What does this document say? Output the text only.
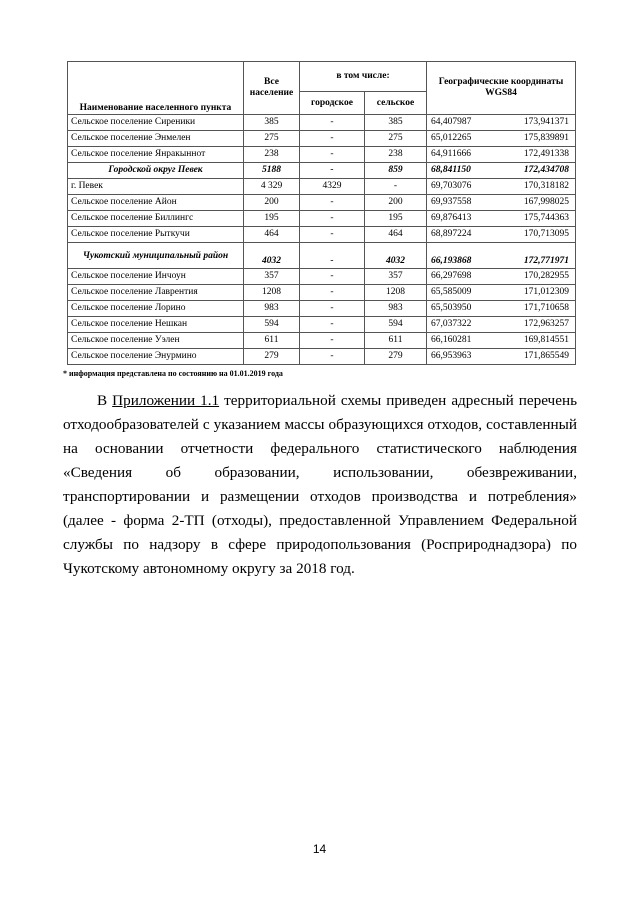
Наименование населенного пункта	Все население	в том числе:		Географические координаты WGS84	
		городское	сельское		
Сельское поселение Сиреники	385	-	385	64,407987	173,941371
Сельское поселение Энмелен	275	-	275	65,012265	175,839891
Сельское поселение Янракыннот	238	-	238	64,911666	172,491338
Городской округ Певек	5188	-	859	68,841150	172,434708
г. Певек	4 329	4329	-	69,703076	170,318182
Сельское поселение Айон	200	-	200	69,937558	167,998025
Сельское поселение Биллингс	195	-	195	69,876413	175,744363
Сельское поселение Рыткучи	464	-	464	68,897224	170,713095
Чукотский муниципальный район	4032	-	4032	66,193868	172,771971
Сельское поселение Инчоун	357	-	357	66,297698	170,282955
Сельское поселение Лаврентия	1208	-	1208	65,585009	171,012309
Сельское поселение Лорино	983	-	983	65,503950	171,710658
Сельское поселение Нешкан	594	-	594	67,037322	172,963257
Сельское поселение Уэлен	611	-	611	66,160281	169,814551
Сельское поселение Энурмино	279	-	279	66,953963	171,865549
* информация представлена по состоянию на 01.01.2019 года

В Приложении 1.1 территориальной схемы приведен адресный перечень отходообразователей с указанием массы образующихся отходов, составленный на основании отчетности федерального статистического наблюдения «Сведения об образовании, использовании, обезвреживании, транспортировании и размещении отходов производства и потребления» (далее - форма 2-ТП (отходы), предоставленной Управлением Федеральной службы по надзору в сфере природопользования (Росприроднадзора) по Чукотскому автономному округу за 2018 год.

14
